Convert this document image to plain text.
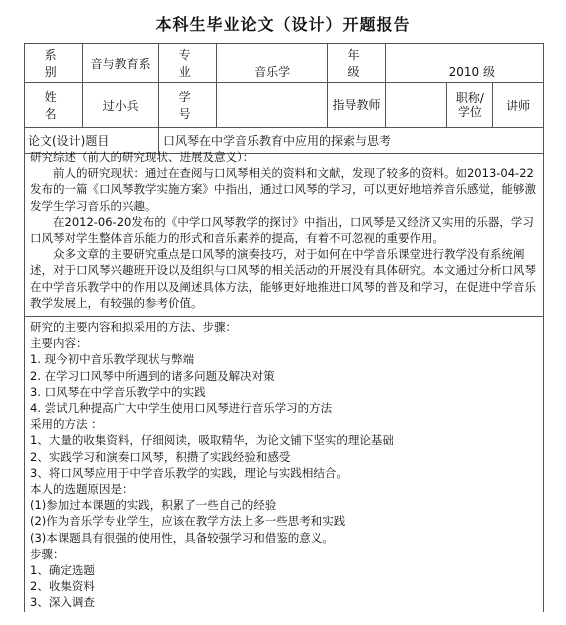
本科生毕业论文（设计）开题报告
系　别	音与教育系	专　业	音乐学	年　级	2010 级		
姓　名	过小兵	学　号		指导教师		职称/学位	讲师
论文(设计)题目		口风琴在中学音乐教育中应用的探索与思考					

研究综述（前人的研究现状、进展及意义）：

前人的研究现状：通过在查阅与口风琴相关的资料和文献，发现了较多的资料。如2013-04-22发布的一篇《口风琴教学实施方案》中指出，通过口风琴的学习，可以更好地培养音乐感觉，能够激发学生学习音乐的兴趣。

在2012-06-20发布的《中学口风琴教学的探讨》中指出，口风琴是又经济又实用的乐器，学习口风琴对学生整体音乐能力的形式和音乐素养的提高，有着不可忽视的重要作用。

众多文章的主要研究重点是口风琴的演奏技巧，对于如何在中学音乐课堂进行教学没有系统阐述，对于口风琴兴趣班开设以及组织与口风琴的相关活动的开展没有具体研究。本文通过分析口风琴在中学音乐教学中的作用以及阐述具体方法，能够更好地推进口风琴的普及和学习，在促进中学音乐教学发展上，有较强的参考价值。

研究的主要内容和拟采用的方法、步骤：

主要内容：

1. 现今初中音乐教学现状与弊端

2. 在学习口风琴中所遇到的诸多问题及解决对策

3. 口风琴在中学音乐教学中的实践

4. 尝试几种提高广大中学生使用口风琴进行音乐学习的方法

采用的方法 ：

1、大量的收集资料，仔细阅读，吸取精华，为论文铺下坚实的理论基础

2、实践学习和演奏口风琴，积攒了实践经验和感受

3、将口风琴应用于中学音乐教学的实践，理论与实践相结合。

本人的选题原因是：

(1)参加过本课题的实践，积累了一些自己的经验

(2)作为音乐学专业学生，应该在教学方法上多一些思考和实践

(3)本课题具有很强的使用性，具备较强学习和借鉴的意义。

步骤：

1、确定选题

2、收集资料

3、深入调查
